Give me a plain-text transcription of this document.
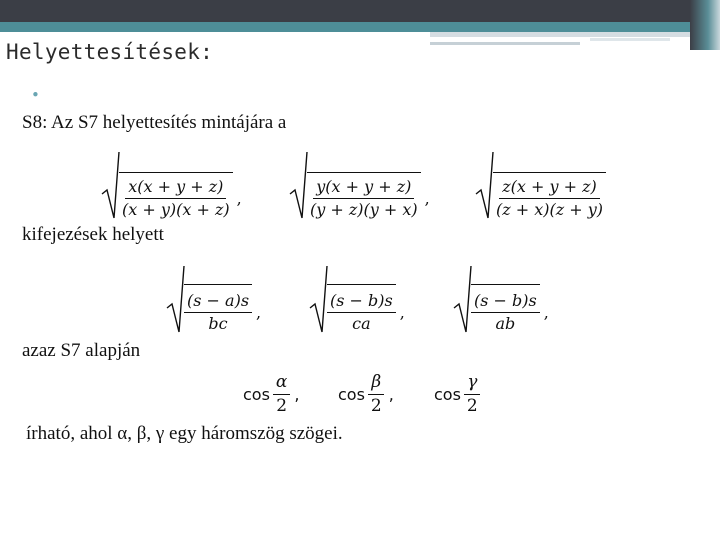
Helyettesítések:
•
S8: Az S7 helyettesítés mintájára a
$\frac{x(x + y + z)}{(x + y)(x + z)}$ ,	$\frac{y(x + y + z)}{(y + z)(y + x)}$ ,	$\frac{z(x + y + z)}{(z + x)(z + y)}$
kifejezések helyett
$\frac{(s - a)s}{bc}$ ,	$\frac{(s - b)s}{ca}$ ,	$\frac{(s - b)s}{ab}$ ,
azaz S7 alapján
$\cos \frac{\alpha}{2}$ , $\cos \frac{\beta}{2}$ ,	$\cos \frac{\gamma}{2}$
írható, ahol α, β, γ egy háromszög szögei.
